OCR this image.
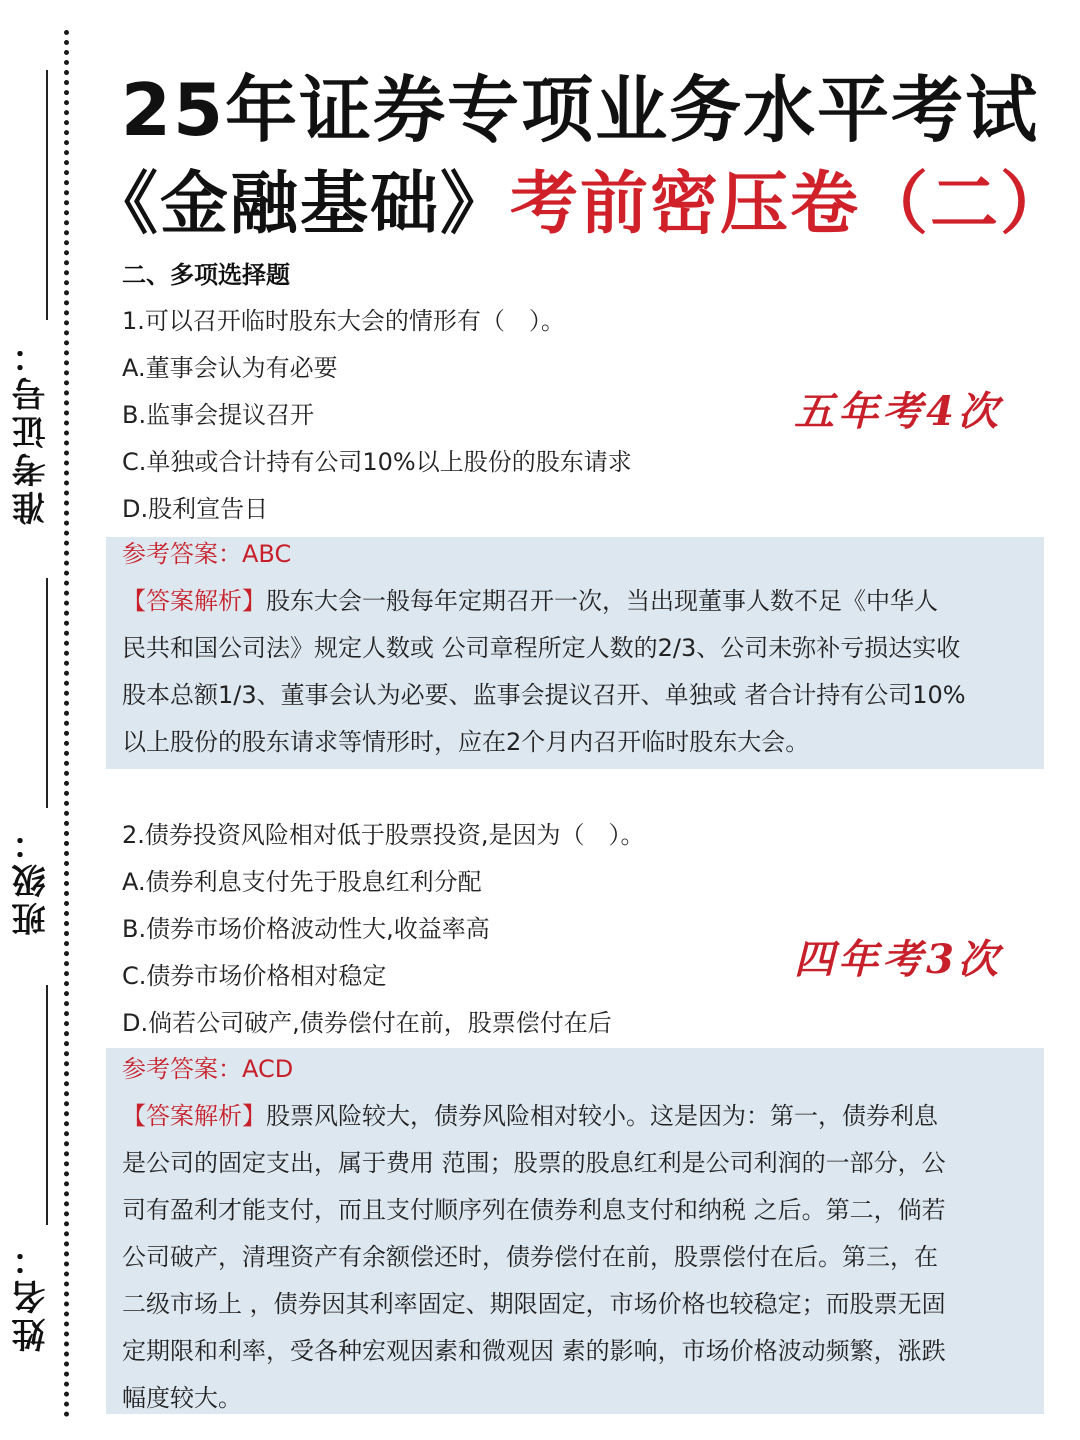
准考证号：
班级：
姓名：
25年证券专项业务水平考试
《金融基础》考前密压卷（二）
二、多项选择题
1.可以召开临时股东大会的情形有（　）。
A.董事会认为有必要
B.监事会提议召开
C.单独或合计持有公司10%以上股份的股东请求
D.股利宣告日
五年考4次
参考答案：ABC
【答案解析】股东大会一般每年定期召开一次，当出现董事人数不足《中华人
民共和国公司法》规定人数或 公司章程所定人数的2/3、公司未弥补亏损达实收
股本总额1/3、董事会认为必要、监事会提议召开、单独或 者合计持有公司10%
以上股份的股东请求等情形时，应在2个月内召开临时股东大会。
2.债券投资风险相对低于股票投资,是因为（　）。
A.债券利息支付先于股息红利分配
B.债券市场价格波动性大,收益率高
C.债券市场价格相对稳定
D.倘若公司破产,债券偿付在前，股票偿付在后
四年考3次
参考答案：ACD
【答案解析】股票风险较大，债券风险相对较小。这是因为：第一，债券利息
是公司的固定支出，属于费用 范围；股票的股息红利是公司利润的一部分，公
司有盈利才能支付，而且支付顺序列在债券利息支付和纳税 之后。第二，倘若
公司破产，清理资产有余额偿还时，债券偿付在前，股票偿付在后。第三，在
二级市场上 ，债券因其利率固定、期限固定，市场价格也较稳定；而股票无固
定期限和利率，受各种宏观因素和微观因 素的影响，市场价格波动频繁，涨跌
幅度较大。
